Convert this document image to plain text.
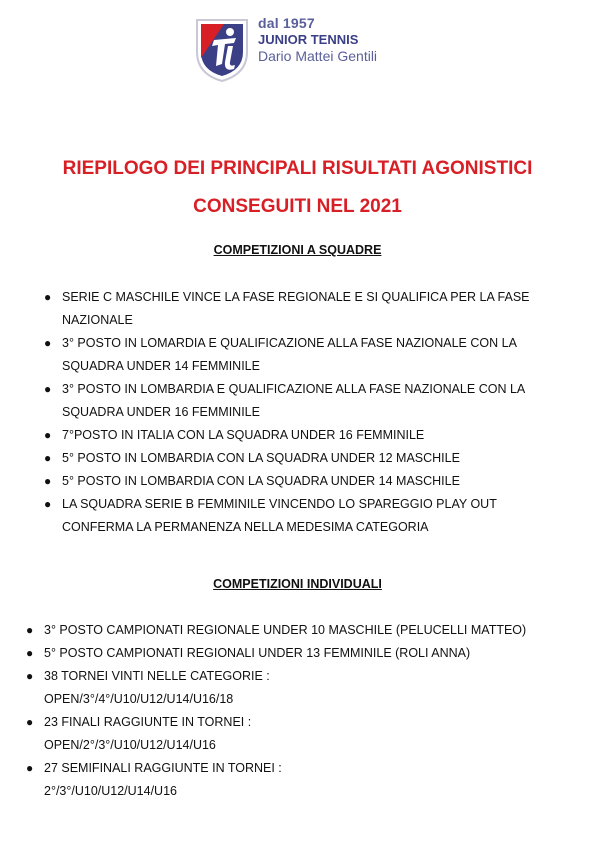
dal 1957
JUNIOR TENNIS
Dario Mattei Gentili
RIEPILOGO DEI PRINCIPALI RISULTATI AGONISTICI
CONSEGUITI NEL 2021
COMPETIZIONI A SQUADRE
● SERIE C MASCHILE VINCE LA FASE REGIONALE E SI QUALIFICA PER LA FASE
NAZIONALE
● 3° POSTO IN LOMARDIA E QUALIFICAZIONE ALLA FASE NAZIONALE CON LA
SQUADRA UNDER 14 FEMMINILE
● 3° POSTO IN LOMBARDIA E QUALIFICAZIONE ALLA FASE NAZIONALE CON LA
SQUADRA UNDER 16 FEMMINILE
● 7°POSTO IN ITALIA CON LA SQUADRA UNDER 16 FEMMINILE
● 5° POSTO IN LOMBARDIA CON LA SQUADRA UNDER 12 MASCHILE
● 5° POSTO IN LOMBARDIA CON LA SQUADRA UNDER 14 MASCHILE
● LA SQUADRA SERIE B FEMMINILE VINCENDO LO SPAREGGIO PLAY OUT
CONFERMA LA PERMANENZA NELLA MEDESIMA CATEGORIA
COMPETIZIONI INDIVIDUALI
● 3° POSTO CAMPIONATI REGIONALE UNDER 10 MASCHILE (PELUCELLI MATTEO)
● 5° POSTO CAMPIONATI REGIONALI UNDER 13 FEMMINILE (ROLI ANNA)
● 38 TORNEI VINTI NELLE CATEGORIE :
OPEN/3°/4°/U10/U12/U14/U16/18
● 23 FINALI RAGGIUNTE IN TORNEI :
OPEN/2°/3°/U10/U12/U14/U16
● 27 SEMIFINALI RAGGIUNTE IN TORNEI :
2°/3°/U10/U12/U14/U16
